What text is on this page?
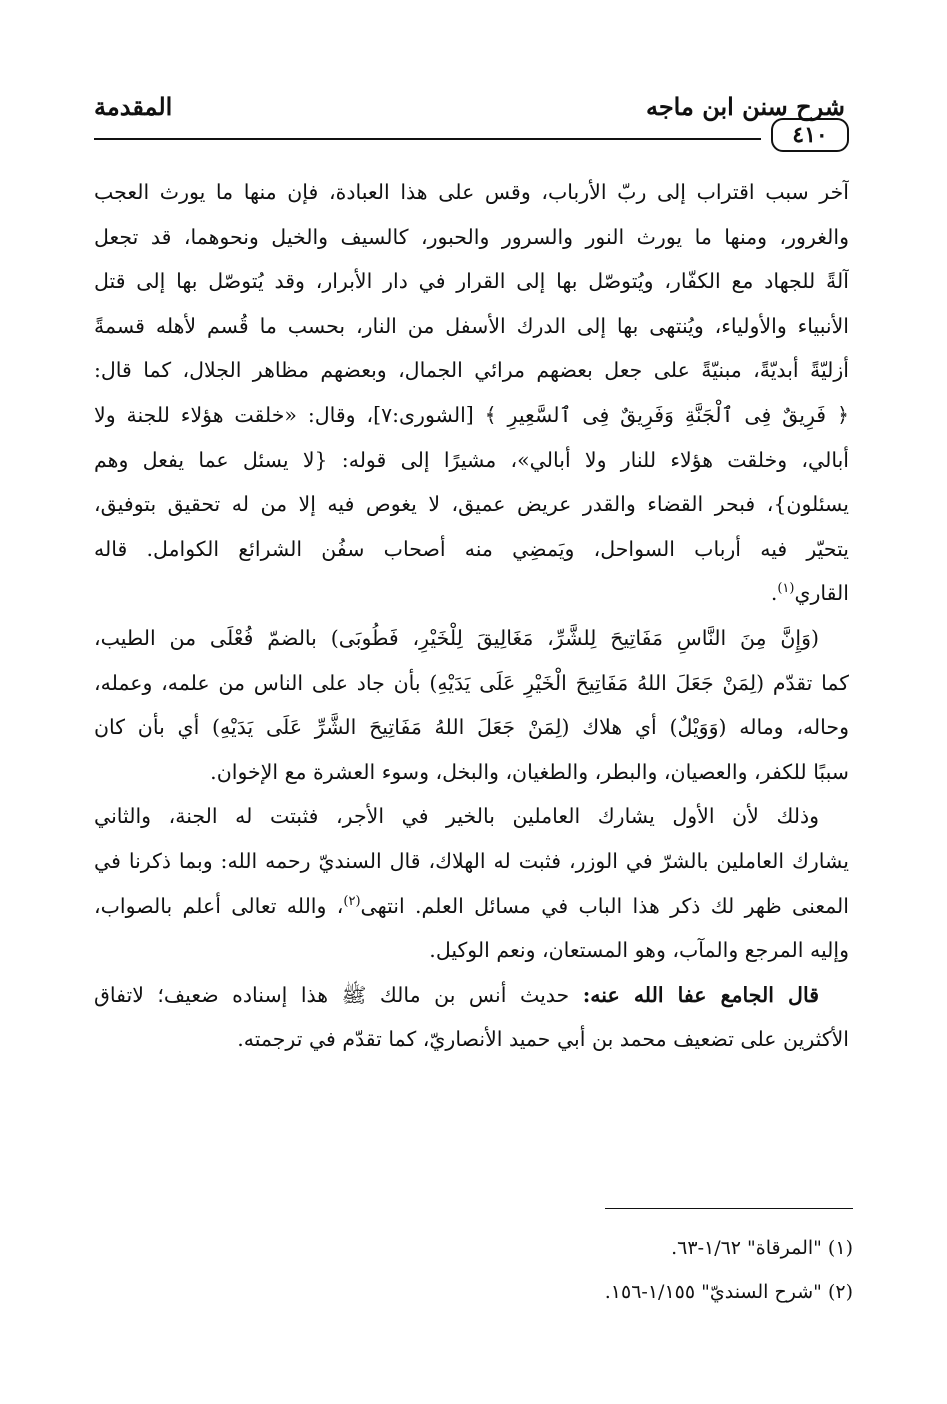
شرح سنن ابن ماجه
المقدمة
٤١٠
آخر سبب اقتراب إلى ربّ الأرباب، وقس على هذا العبادة، فإن منها ما يورث العجب
والغرور، ومنها ما يورث النور والسرور والحبور، كالسيف والخيل ونحوهما، قد تجعل
آلةً للجهاد مع الكفّار، ويُتوصّل بها إلى القرار في دار الأبرار، وقد يُتوصّل بها إلى قتل
الأنبياء والأولياء، ويُنتهى بها إلى الدرك الأسفل من النار، بحسب ما قُسم لأهله قسمةً
أزليّةً أبديّةً، مبنيّةً على جعل بعضهم مرائي الجمال، وبعضهم مظاهر الجلال، كما قال:
﴿ فَرِيقٌ فِى ٱلْجَنَّةِ وَفَرِيقٌ فِى ٱلسَّعِيرِ ﴾ [الشورى:٧]، وقال: «خلقت هؤلاء للجنة ولا
أبالي، وخلقت هؤلاء للنار ولا أبالي»، مشيرًا إلى قوله: {لا يسئل عما يفعل وهم
يسئلون}، فبحر القضاء والقدر عريض عميق، لا يغوص فيه إلا من له تحقيق بتوفيق،
يتحيّر فيه أرباب السواحل، ويَمضِي منه أصحاب سفُن الشرائع الكوامل. قاله
القاري$^{(١)}$.
(وَإِنَّ مِنَ النَّاسِ مَفَاتِيحَ لِلشَّرِّ، مَغَالِيقَ لِلْخَيْرِ، فَطُوبَى) بالضمّ فُعْلَى من الطيب،
كما تقدّم (لِمَنْ جَعَلَ اللهُ مَفَاتِيحَ الْخَيْرِ عَلَى يَدَيْهِ) بأن جاد على الناس من علمه، وعمله،
وحاله، وماله (وَوَيْلٌ) أي هلاك (لِمَنْ جَعَلَ اللهُ مَفَاتِيحَ الشَّرِّ عَلَى يَدَيْهِ) أي بأن كان
سببًا للكفر، والعصيان، والبطر، والطغيان، والبخل، وسوء العشرة مع الإخوان.
وذلك لأن الأول يشارك العاملين بالخير في الأجر، فثبتت له الجنة، والثاني
يشارك العاملين بالشرّ في الوزر، فثبت له الهلاك، قال السنديّ رحمه الله: وبما ذكرنا في
المعنى ظهر لك ذكر هذا الباب في مسائل العلم. انتهى$^{(٢)}$، والله تعالى أعلم بالصواب،
وإليه المرجع والمآب، وهو المستعان، ونعم الوكيل.
قال الجامع عفا الله عنه: حديث أنس بن مالك ﷺ هذا إسناده ضعيف؛ لاتفاق
الأكثرين على تضعيف محمد بن أبي حميد الأنصاريّ، كما تقدّم في ترجمته.
(١) "المرقاة" ١/٦٢-٦٣.
(٢) "شرح السنديّ" ١/١٥٥-١٥٦.
